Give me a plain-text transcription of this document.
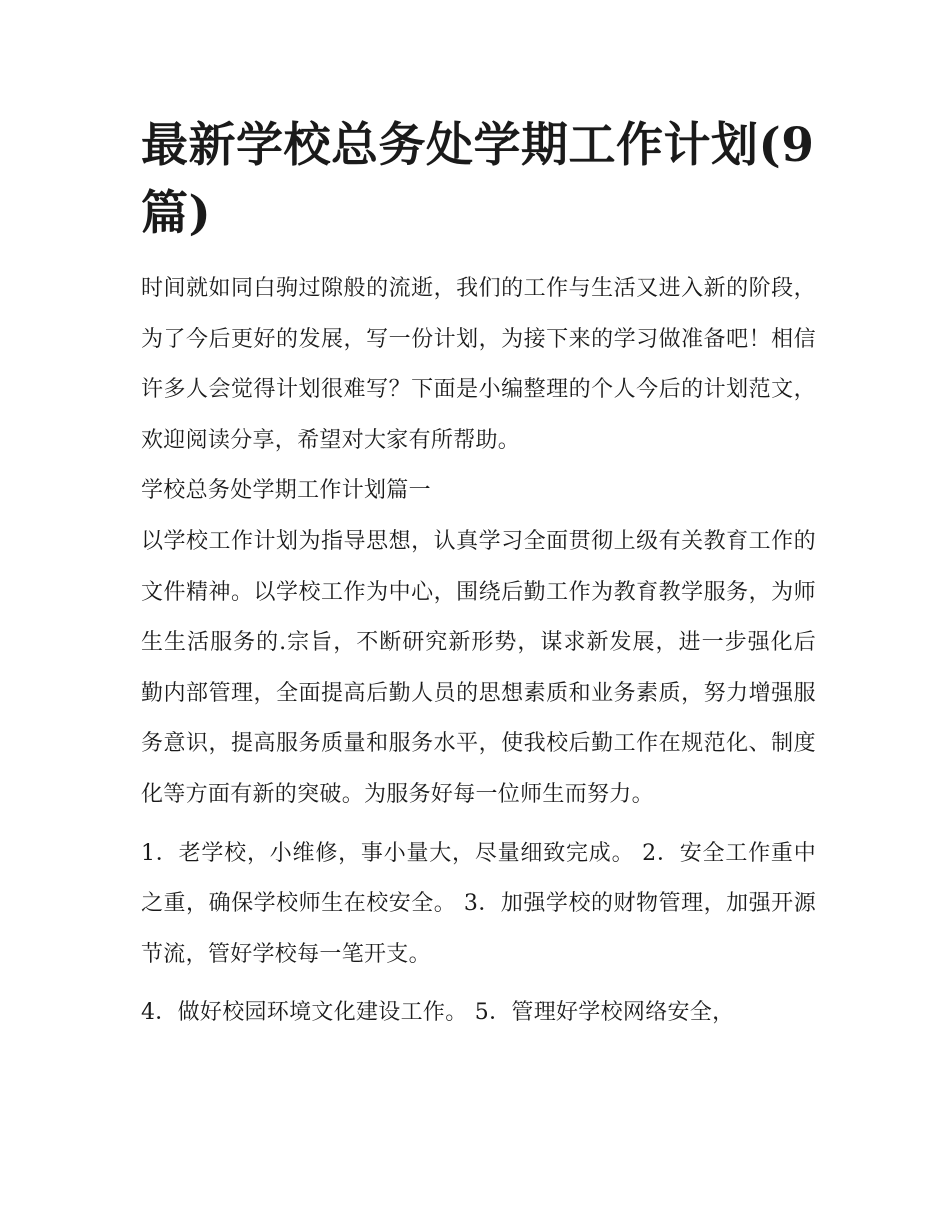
最新学校总务处学期工作计划(9篇)

时间就如同白驹过隙般的流逝，我们的工作与生活又进入新的阶段，为了今后更好的发展，写一份计划，为接下来的学习做准备吧！相信许多人会觉得计划很难写？下面是小编整理的个人今后的计划范文，欢迎阅读分享，希望对大家有所帮助。

学校总务处学期工作计划篇一

以学校工作计划为指导思想，认真学习全面贯彻上级有关教育工作的文件精神。以学校工作为中心，围绕后勤工作为教育教学服务，为师生生活服务的.宗旨，不断研究新形势，谋求新发展，进一步强化后勤内部管理，全面提高后勤人员的思想素质和业务素质，努力增强服务意识，提高服务质量和服务水平，使我校后勤工作在规范化、制度化等方面有新的突破。为服务好每一位师生而努力。

1．老学校，小维修，事小量大，尽量细致完成。 2．安全工作重中之重，确保学校师生在校安全。 3．加强学校的财物管理，加强开源节流，管好学校每一笔开支。

4．做好校园环境文化建设工作。 5．管理好学校网络安全，
